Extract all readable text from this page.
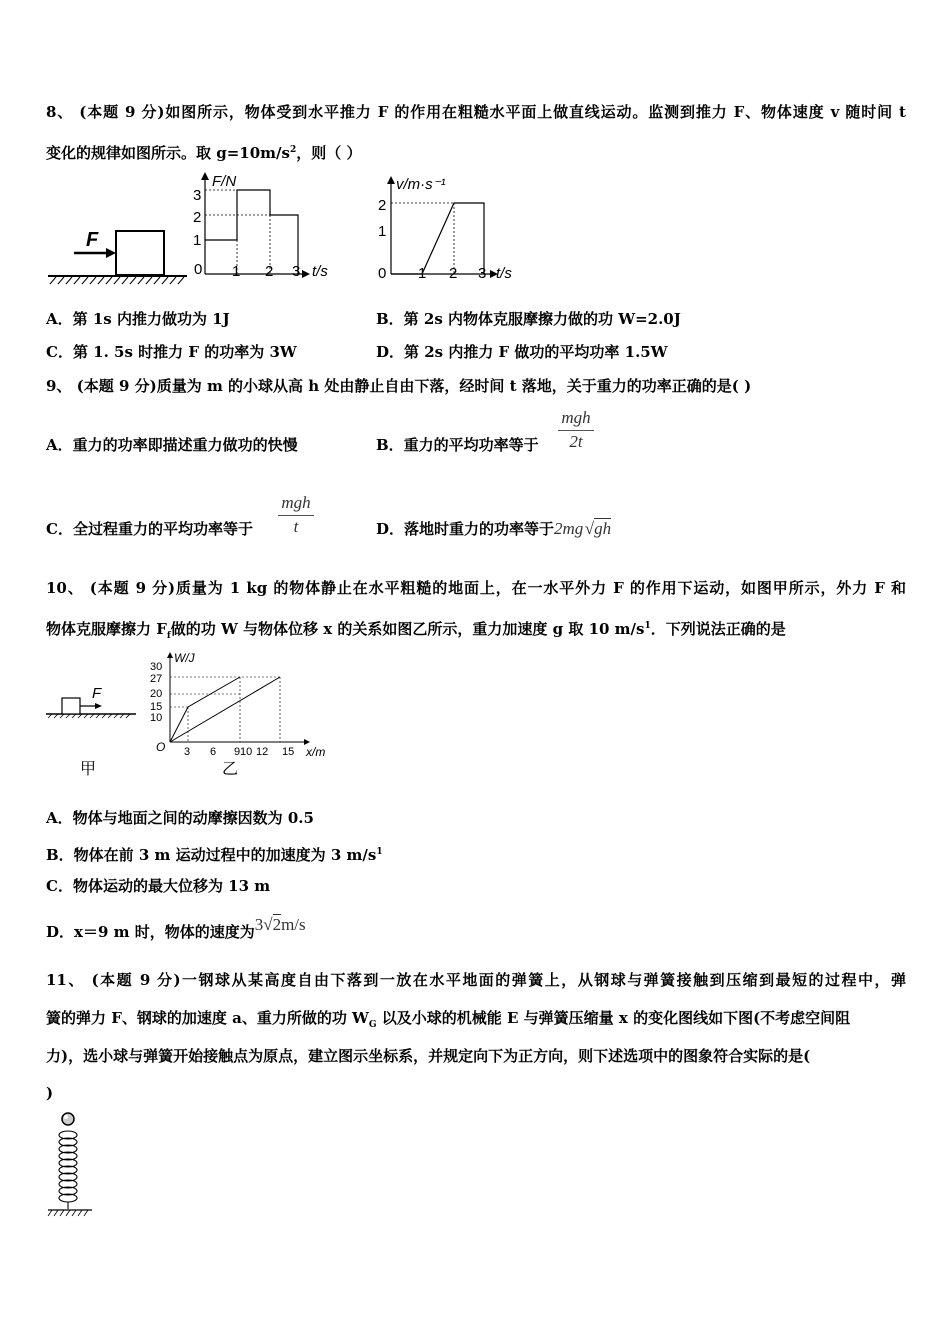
8、 (本题 9 分)如图所示，物体受到水平推力 F 的作用在粗糙水平面上做直线运动。监测到推力 F、物体速度 v 随时间 t
变化的规律如图所示。取 $g=10m/s^2$，则（ ）
F
F/N
3
2
1
0 1 2 3 t/s
v/m·s⁻¹
2
1
0 1 2 3 t/s
A．第 1s 内推力做功为 1J	B．第 2s 内物体克服摩擦力做的功 W=2.0J
C．第 1. 5s 时推力 F 的功率为 3W	D．第 2s 内推力 F 做功的平均功率 1.5W
9、 (本题 9 分)质量为 m 的小球从高 h 处由静止自由下落，经时间 t 落地，关于重力的功率正确的是( )
A．重力的功率即描述重力做功的快慢	B．重力的平均功率等于
mgh
2t
C．全过程重力的平均功率等于
mgh
t	D．落地时重力的功率等于2mg √gh
10、 (本题 9 分)质量为 1 kg 的物体静止在水平粗糙的地面上，在一水平外力 F 的作用下运动，如图甲所示，外力 F 和
物体克服摩擦力 $F_f$做的功 W 与物体位移 x 的关系如图乙所示，重力加速度 g 取 10 $m/s^1$．下列说法正确的是
F
甲
W/J
30
27
20
15
10
O 3 6 9 10 12 15 x/m
乙
A．物体与地面之间的动摩擦因数为 0.5
B．物体在前 3 m 运动过程中的加速度为 3 $m/s^1$
C．物体运动的最大位移为 13 m
D．x＝9 m 时，物体的速度为3√2m/s
11、 (本题 9 分)一钢球从某高度自由下落到一放在水平地面的弹簧上，从钢球与弹簧接触到压缩到最短的过程中，弹
簧的弹力 F、钢球的加速度 a、重力所做的功 $W_G$ 以及小球的机械能 E 与弹簧压缩量 x 的变化图线如下图(不考虑空间阻
力)，选小球与弹簧开始接触点为原点，建立图示坐标系，并规定向下为正方向，则下述选项中的图象符合实际的是(
)
